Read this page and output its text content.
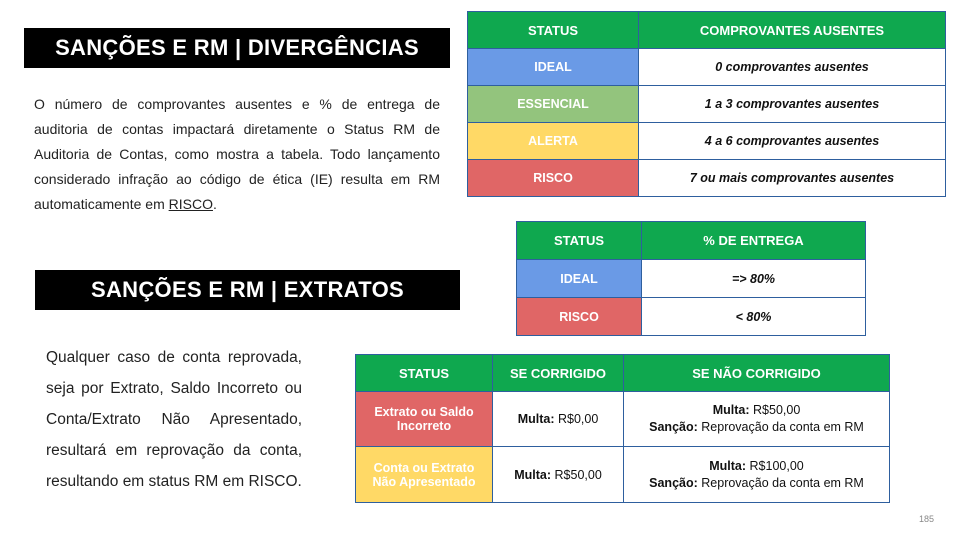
SANÇÕES E RM | DIVERGÊNCIAS
O número de comprovantes ausentes e % de entrega de auditoria de contas impactará diretamente o Status RM de Auditoria de Contas, como mostra a tabela. Todo lançamento considerado infração ao código de ética (IE) resulta em RM automaticamente em RISCO.
SANÇÕES E RM | EXTRATOS
Qualquer caso de conta reprovada, seja por Extrato, Saldo Incorreto ou Conta/Extrato Não Apresentado, resultará em reprovação da conta, resultando em status RM em RISCO.
STATUS	COMPROVANTES AUSENTES
IDEAL	0 comprovantes ausentes
ESSENCIAL	1 a 3 comprovantes ausentes
ALERTA	4 a 6 comprovantes ausentes
RISCO	7 ou mais comprovantes ausentes
STATUS	% DE ENTREGA
IDEAL	=> 80%
RISCO	< 80%
STATUS	SE CORRIGIDO	SE NÃO CORRIGIDO
Extrato ou Saldo Incorreto	Multa: R$0,00	Multa: R$50,00
Sanção: Reprovação da conta em RM

Conta ou Extrato Não Apresentado	Multa: R$50,00	Multa: R$100,00
Sanção: Reprovação da conta em RM
185
